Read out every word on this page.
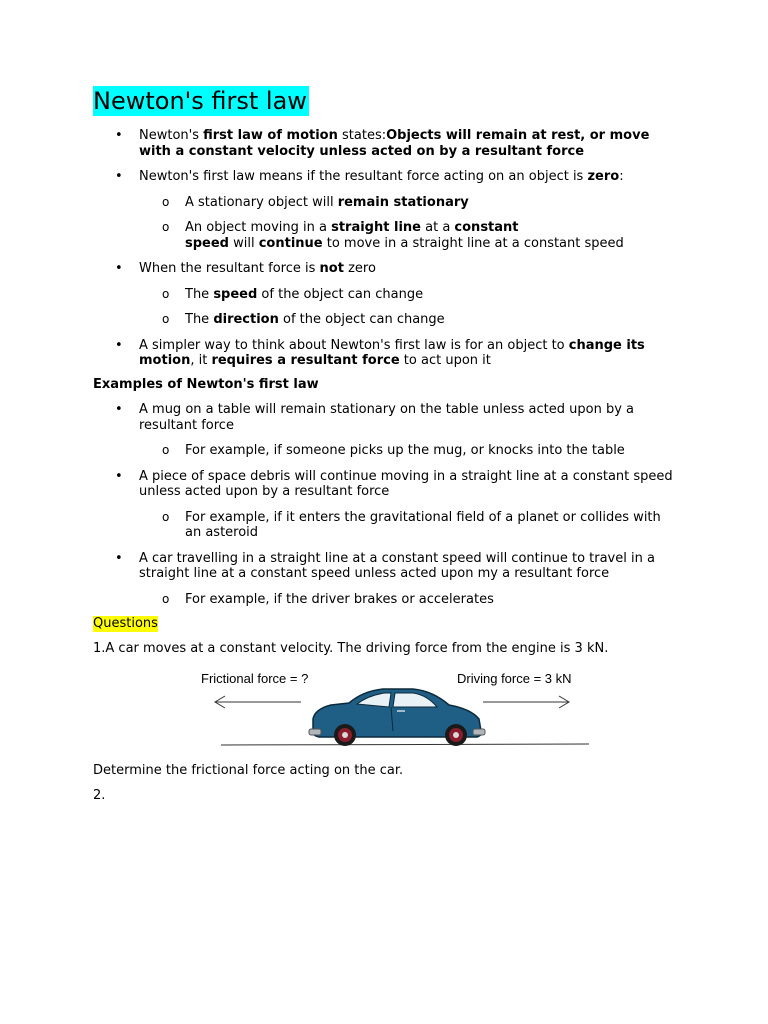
Newton's first law
• Newton's first law of motion states:Objects will remain at rest, or move
with a constant velocity unless acted on by a resultant force
• Newton's first law means if the resultant force acting on an object is zero:
o A stationary object will remain stationary
o An object moving in a straight line at a constant
speed will continue to move in a straight line at a constant speed
• When the resultant force is not zero
o The speed of the object can change
o The direction of the object can change
• A simpler way to think about Newton's first law is for an object to change its
motion, it requires a resultant force to act upon it
Examples of Newton's first law
• A mug on a table will remain stationary on the table unless acted upon by a
resultant force
o For example, if someone picks up the mug, or knocks into the table
• A piece of space debris will continue moving in a straight line at a constant speed
unless acted upon by a resultant force
o For example, if it enters the gravitational field of a planet or collides with
an asteroid
• A car travelling in a straight line at a constant speed will continue to travel in a
straight line at a constant speed unless acted upon my a resultant force
o For example, if the driver brakes or accelerates
Questions
1.A car moves at a constant velocity. The driving force from the engine is 3 kN.
Frictional force = ?	Driving force = 3 kN
Determine the frictional force acting on the car.
2.
